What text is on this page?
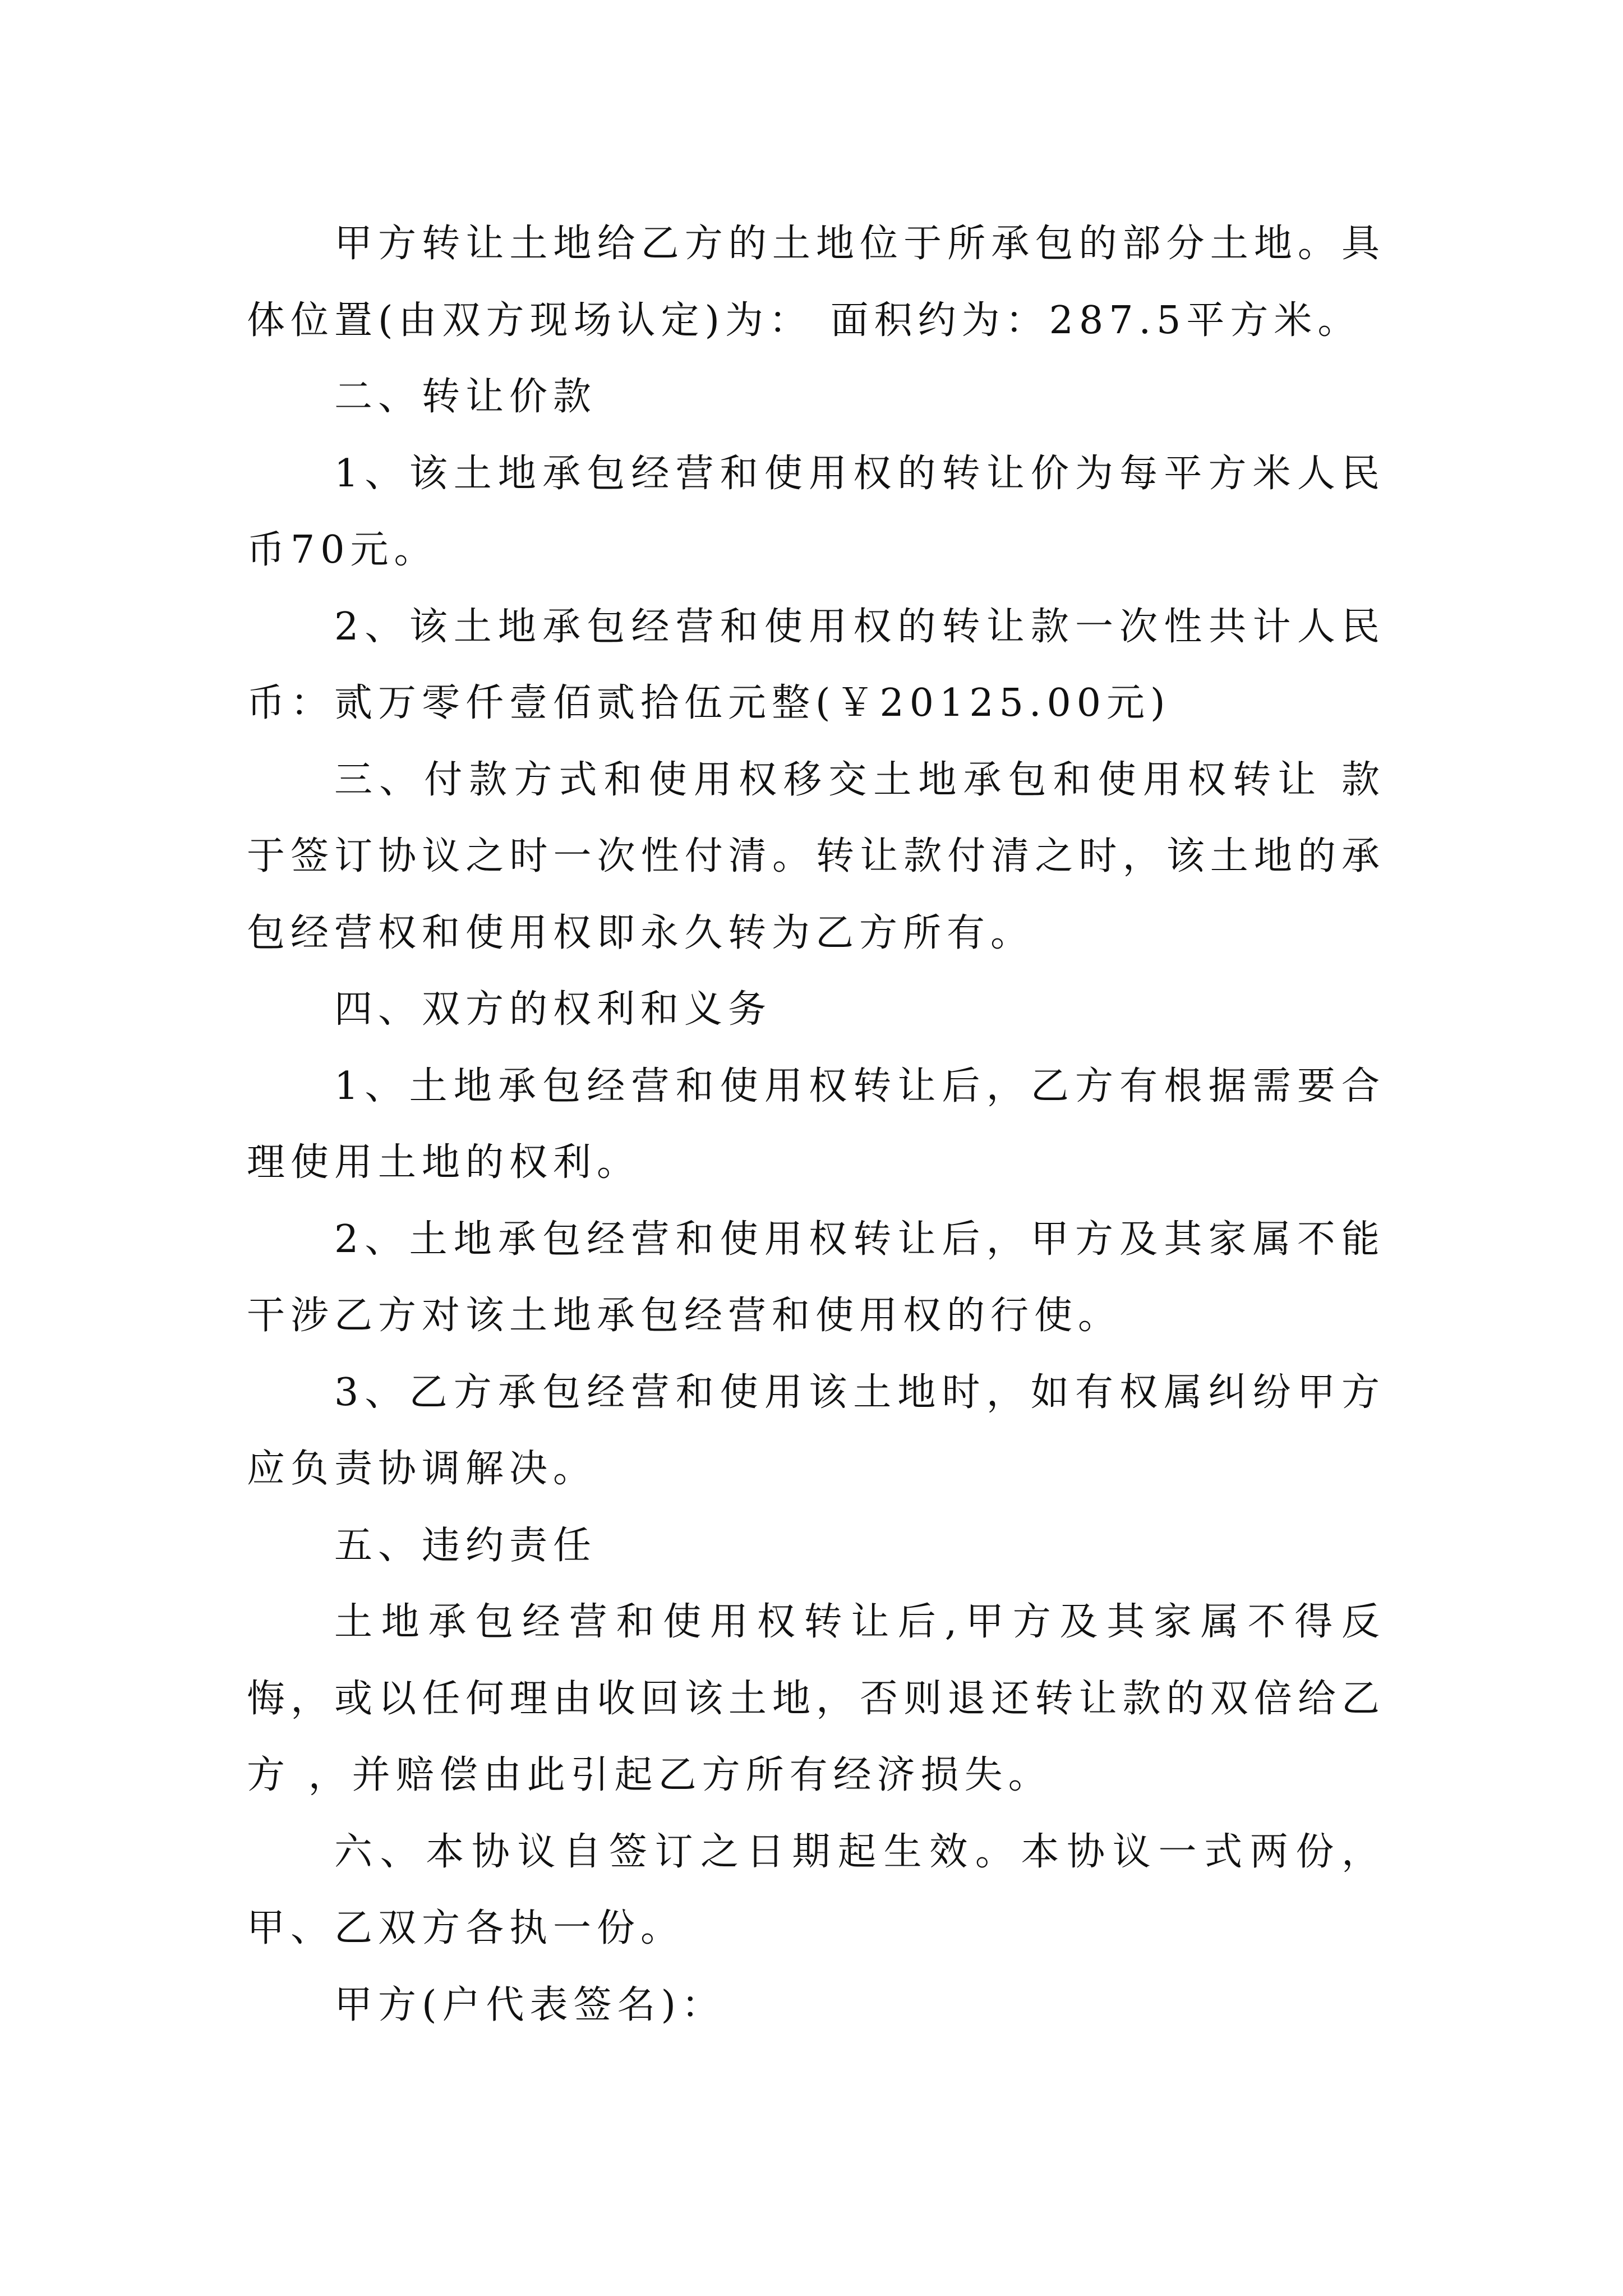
甲方转让土地给乙方的土地位于所承包的部分土地。具体位置(由双方现场认定)为： 面积约为：287.5平方米。

二、转让价款

1、该土地承包经营和使用权的转让价为每平方米人民币70元。

2、该土地承包经营和使用权的转让款一次性共计人民币：贰万零仟壹佰贰拾伍元整(￥20125.00元)

三、付款方式和使用权移交土地承包和使用权转让 款于签订协议之时一次性付清。转让款付清之时，该土地的承包经营权和使用权即永久转为乙方所有。

四、双方的权利和义务

1、土地承包经营和使用权转让后，乙方有根据需要合理使用土地的权利。

2、土地承包经营和使用权转让后，甲方及其家属不能干涉乙方对该土地承包经营和使用权的行使。

3、乙方承包经营和使用该土地时，如有权属纠纷甲方应负责协调解决。

五、违约责任

土地承包经营和使用权转让后,甲方及其家属不得反悔，或以任何理由收回该土地，否则退还转让款的双倍给乙方 ，并赔偿由此引起乙方所有经济损失。

六、本协议自签订之日期起生效。本协议一式两份，甲、乙双方各执一份。

甲方(户代表签名)：
